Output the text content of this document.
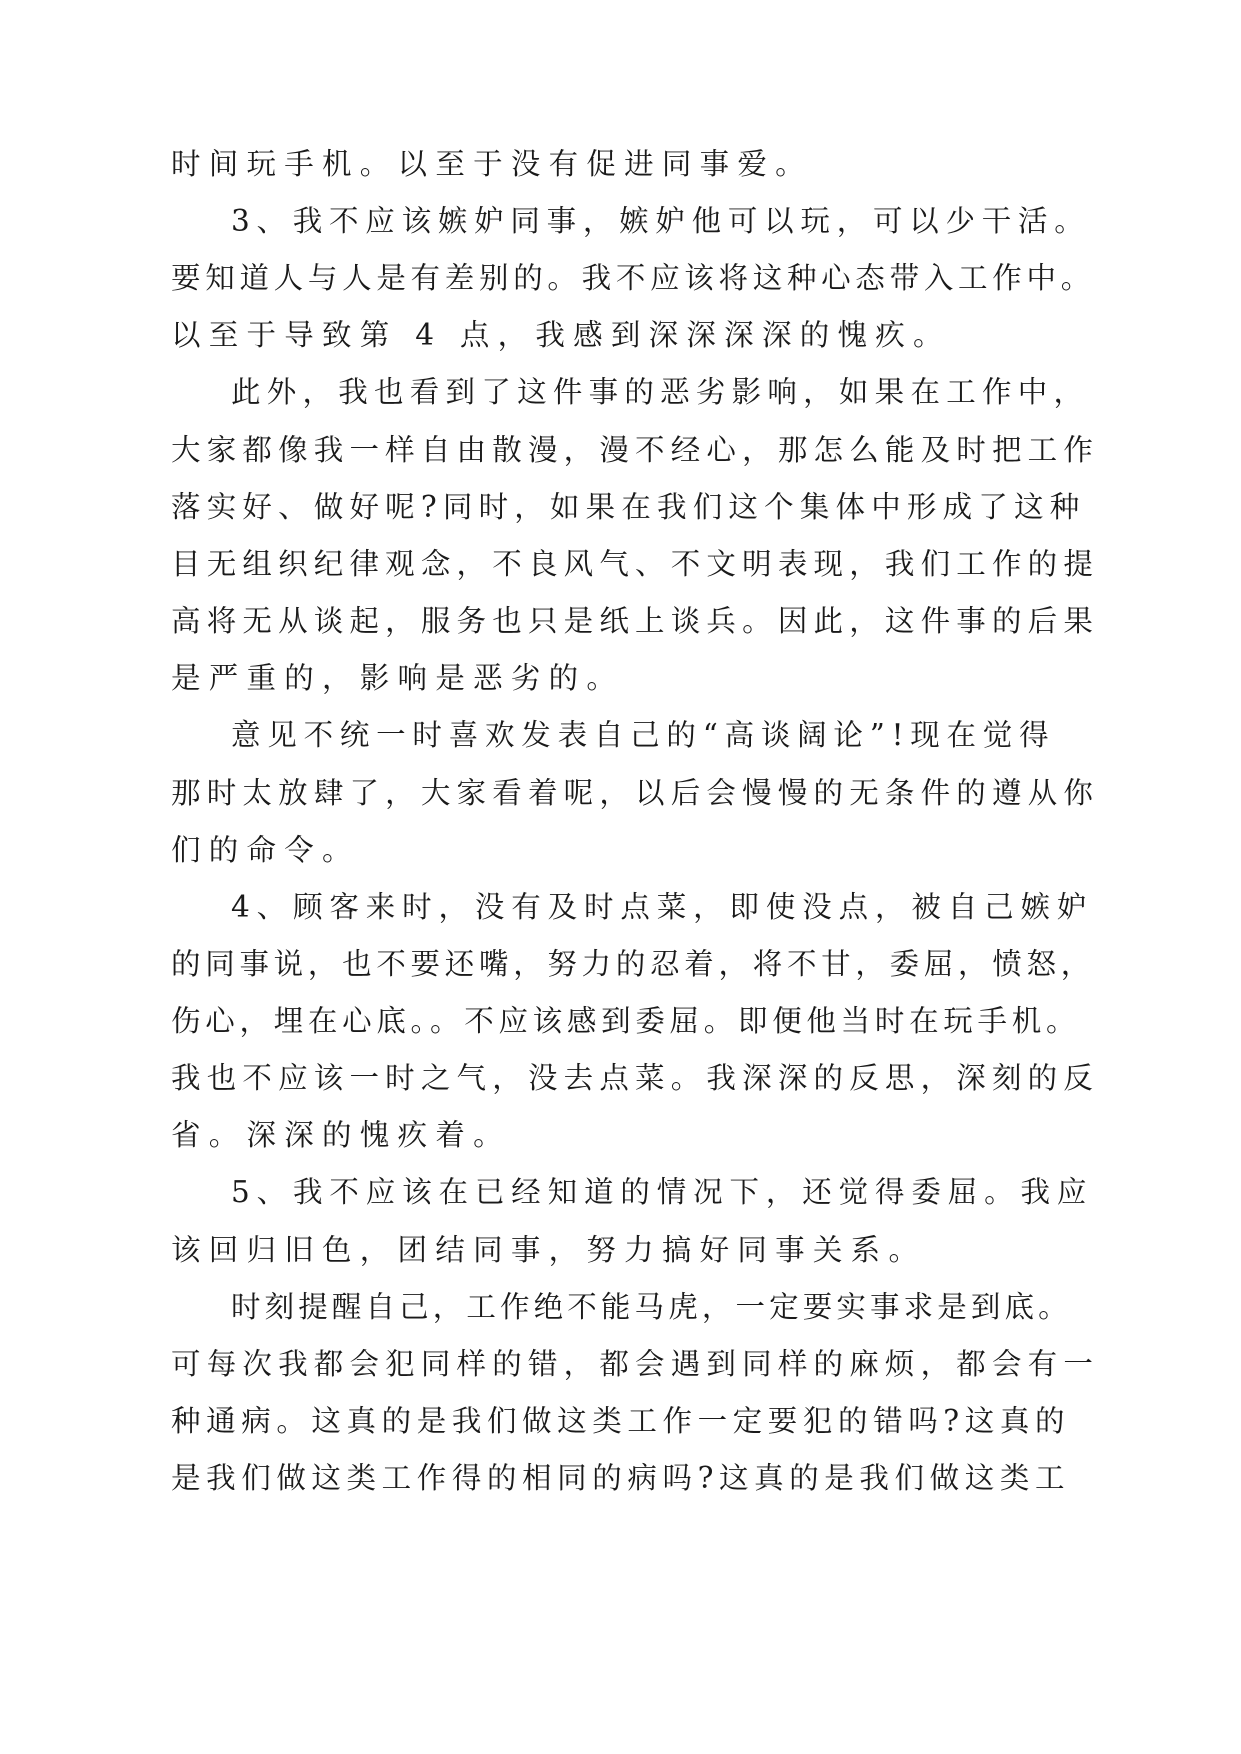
时间玩手机。以至于没有促进同事爱。
3、我不应该嫉妒同事，嫉妒他可以玩，可以少干活。
要知道人与人是有差别的。我不应该将这种心态带入工作中。
以至于导致第 4 点，我感到深深深深的愧疚。
此外，我也看到了这件事的恶劣影响，如果在工作中，
大家都像我一样自由散漫，漫不经心，那怎么能及时把工作
落实好、做好呢?同时，如果在我们这个集体中形成了这种
目无组织纪律观念，不良风气、不文明表现，我们工作的提
高将无从谈起，服务也只是纸上谈兵。因此，这件事的后果
是严重的，影响是恶劣的。
意见不统一时喜欢发表自己的“高谈阔论”!现在觉得
那时太放肆了，大家看着呢，以后会慢慢的无条件的遵从你
们的命令。
4、顾客来时，没有及时点菜，即使没点，被自己嫉妒
的同事说，也不要还嘴，努力的忍着，将不甘，委屈，愤怒，
伤心，埋在心底。。不应该感到委屈。即便他当时在玩手机。
我也不应该一时之气，没去点菜。我深深的反思，深刻的反
省。深深的愧疚着。
5、我不应该在已经知道的情况下，还觉得委屈。我应
该回归旧色，团结同事，努力搞好同事关系。
时刻提醒自己，工作绝不能马虎，一定要实事求是到底。
可每次我都会犯同样的错，都会遇到同样的麻烦，都会有一
种通病。这真的是我们做这类工作一定要犯的错吗?这真的
是我们做这类工作得的相同的病吗?这真的是我们做这类工
